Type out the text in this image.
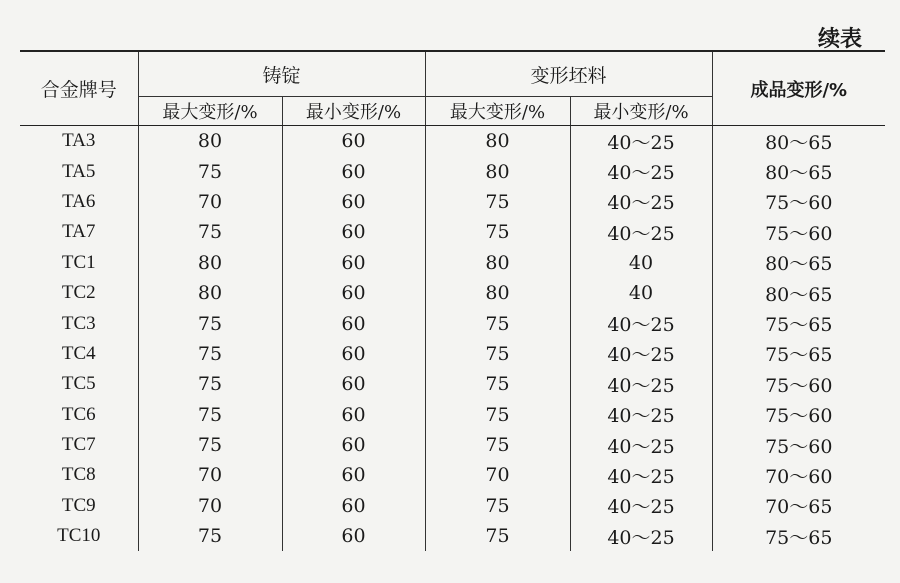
续表
合金牌号	铸锭		变形坯料		成品变形/%
	最大变形/%	最小变形/%	最大变形/%	最小变形/%	
TA3	80	60	80	40～25	80～65
TA5	75	60	80	40～25	80～65
TA6	70	60	75	40～25	75～60
TA7	75	60	75	40～25	75～60
TC1	80	60	80	40	80～65
TC2	80	60	80	40	80～65
TC3	75	60	75	40～25	75～65
TC4	75	60	75	40～25	75～65
TC5	75	60	75	40～25	75～60
TC6	75	60	75	40～25	75～60
TC7	75	60	75	40～25	75～60
TC8	70	60	70	40～25	70～60
TC9	70	60	75	40～25	70～65
TC10	75	60	75	40～25	75～65
